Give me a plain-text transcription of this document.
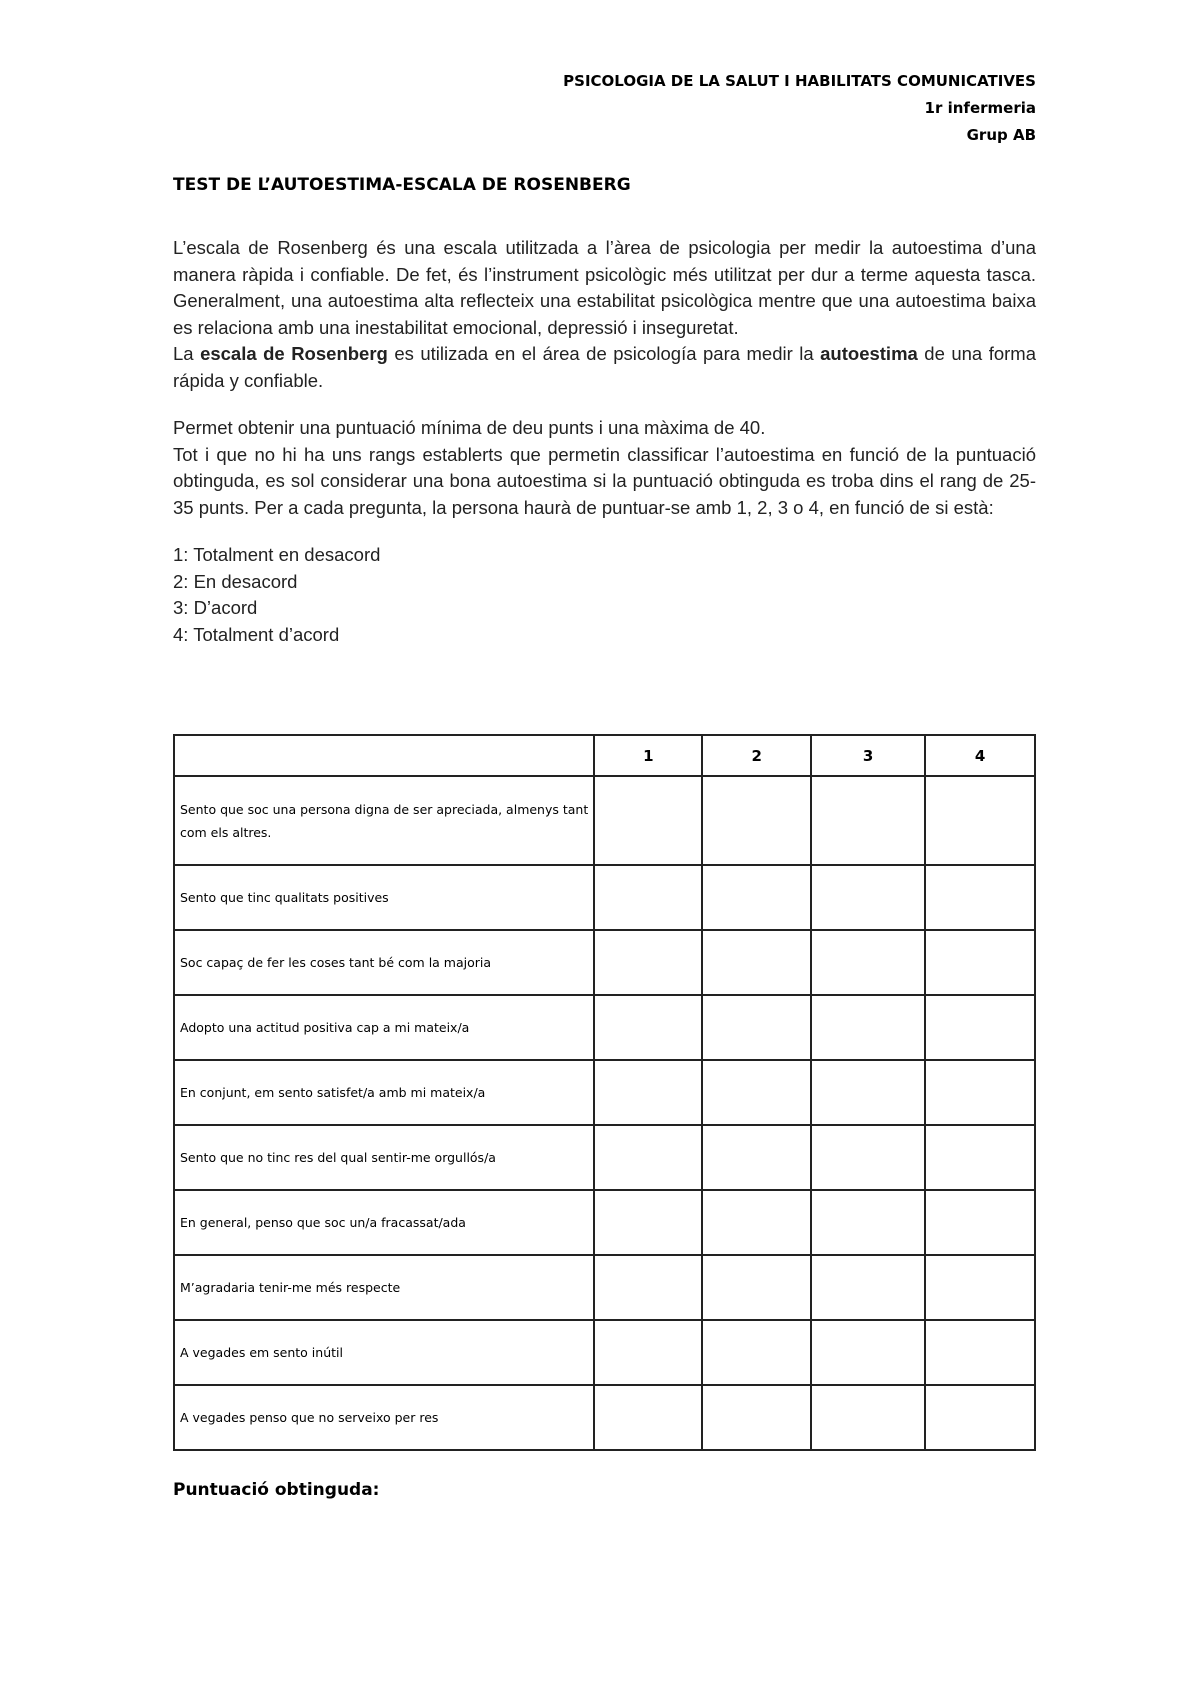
PSICOLOGIA DE LA SALUT I HABILITATS COMUNICATIVES
1r infermeria
Grup AB
TEST DE L’AUTOESTIMA-ESCALA DE ROSENBERG

L’escala de Rosenberg és una escala utilitzada a l’àrea de psicologia per medir la autoestima d’una manera ràpida i confiable. De fet, és l’instrument psicològic més utilitzat per dur a terme aquesta tasca. Generalment, una autoestima alta reflecteix una estabilitat psicològica mentre que una autoestima baixa es relaciona amb una inestabilitat emocional, depressió i inseguretat.

La escala de Rosenberg es utilizada en el área de psicología para medir la autoestima de una forma rápida y confiable.

Permet obtenir una puntuació mínima de deu punts i una màxima de 40.

Tot i que no hi ha uns rangs establerts que permetin classificar l’autoestima en funció de la puntuació obtinguda, es sol considerar una bona autoestima si la puntuació obtinguda es troba dins el rang de 25-35 punts. Per a cada pregunta, la persona haurà de puntuar-se amb 1, 2, 3 o 4, en funció de si està:

1: Totalment en desacord
2: En desacord
3: D’acord
4: Totalment d’acord
	1	2	3	4
Sento que soc una persona digna de ser apreciada, almenys tant com els altres.				
Sento que tinc qualitats positives				
Soc capaç de fer les coses tant bé com la majoria				
Adopto una actitud positiva cap a mi mateix/a				
En conjunt, em sento satisfet/a amb mi mateix/a				
Sento que no tinc res del qual sentir-me orgullós/a				
En general, penso que soc un/a fracassat/ada				
M’agradaria tenir-me més respecte				
A vegades em sento inútil				
A vegades penso que no serveixo per res				
Puntuació obtinguda:
